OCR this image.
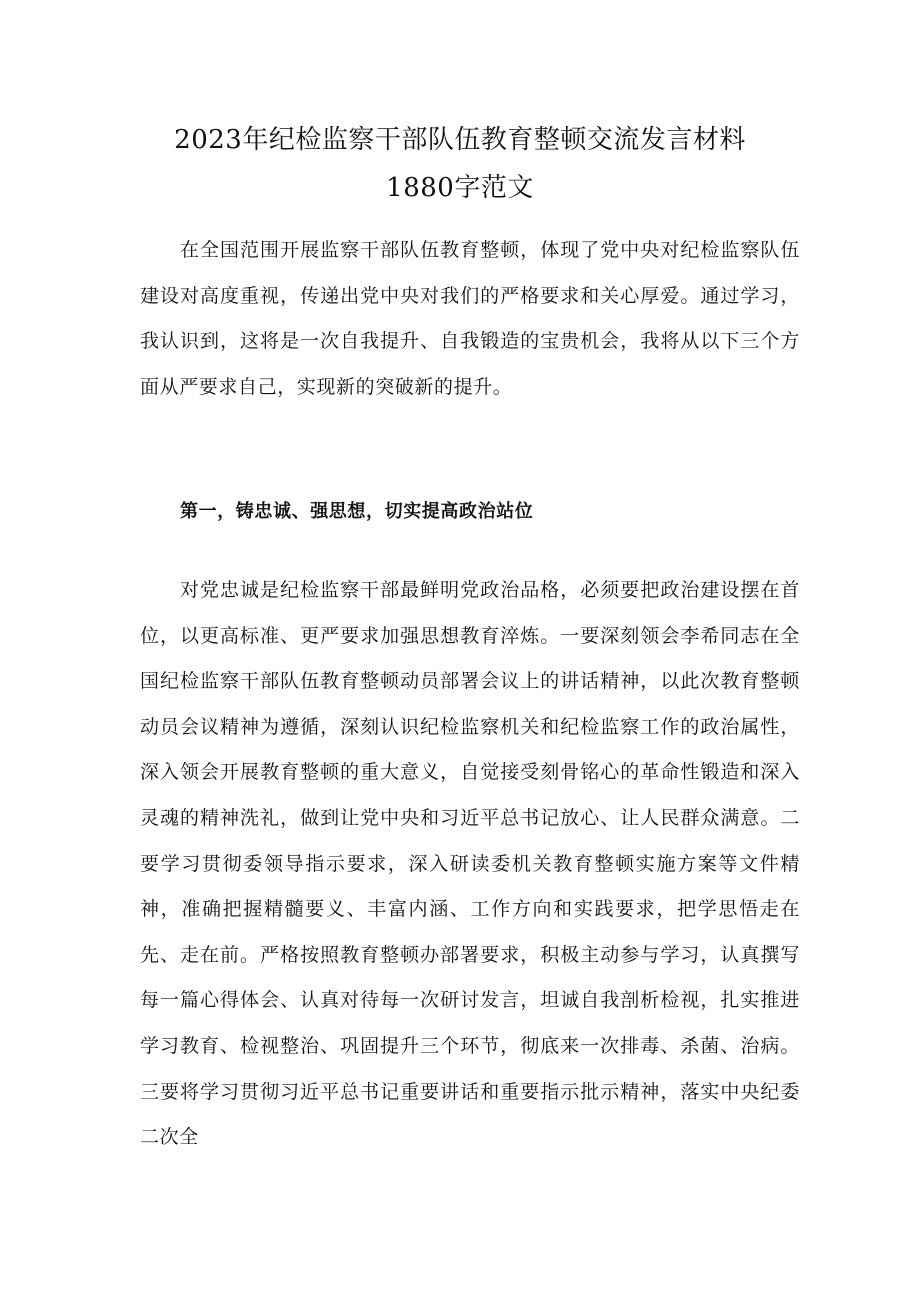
2023年纪检监察干部队伍教育整顿交流发言材料
1880字范文

在全国范围开展监察干部队伍教育整顿，体现了党中央对纪检监察队伍建设对高度重视，传递出党中央对我们的严格要求和关心厚爱。通过学习，我认识到，这将是一次自我提升、自我锻造的宝贵机会，我将从以下三个方面从严要求自己，实现新的突破新的提升。

第一，铸忠诚、强思想，切实提高政治站位

对党忠诚是纪检监察干部最鲜明党政治品格，必须要把政治建设摆在首位，以更高标准、更严要求加强思想教育淬炼。一要深刻领会李希同志在全国纪检监察干部队伍教育整顿动员部署会议上的讲话精神，以此次教育整顿动员会议精神为遵循，深刻认识纪检监察机关和纪检监察工作的政治属性，深入领会开展教育整顿的重大意义，自觉接受刻骨铭心的革命性锻造和深入灵魂的精神洗礼，做到让党中央和习近平总书记放心、让人民群众满意。二要学习贯彻委领导指示要求，深入研读委机关教育整顿实施方案等文件精神，准确把握精髓要义、丰富内涵、工作方向和实践要求，把学思悟走在先、走在前。严格按照教育整顿办部署要求，积极主动参与学习，认真撰写每一篇心得体会、认真对待每一次研讨发言，坦诚自我剖析检视，扎实推进学习教育、检视整治、巩固提升三个环节，彻底来一次排毒、杀菌、治病。三要将学习贯彻习近平总书记重要讲话和重要指示批示精神，落实中央纪委二次全
